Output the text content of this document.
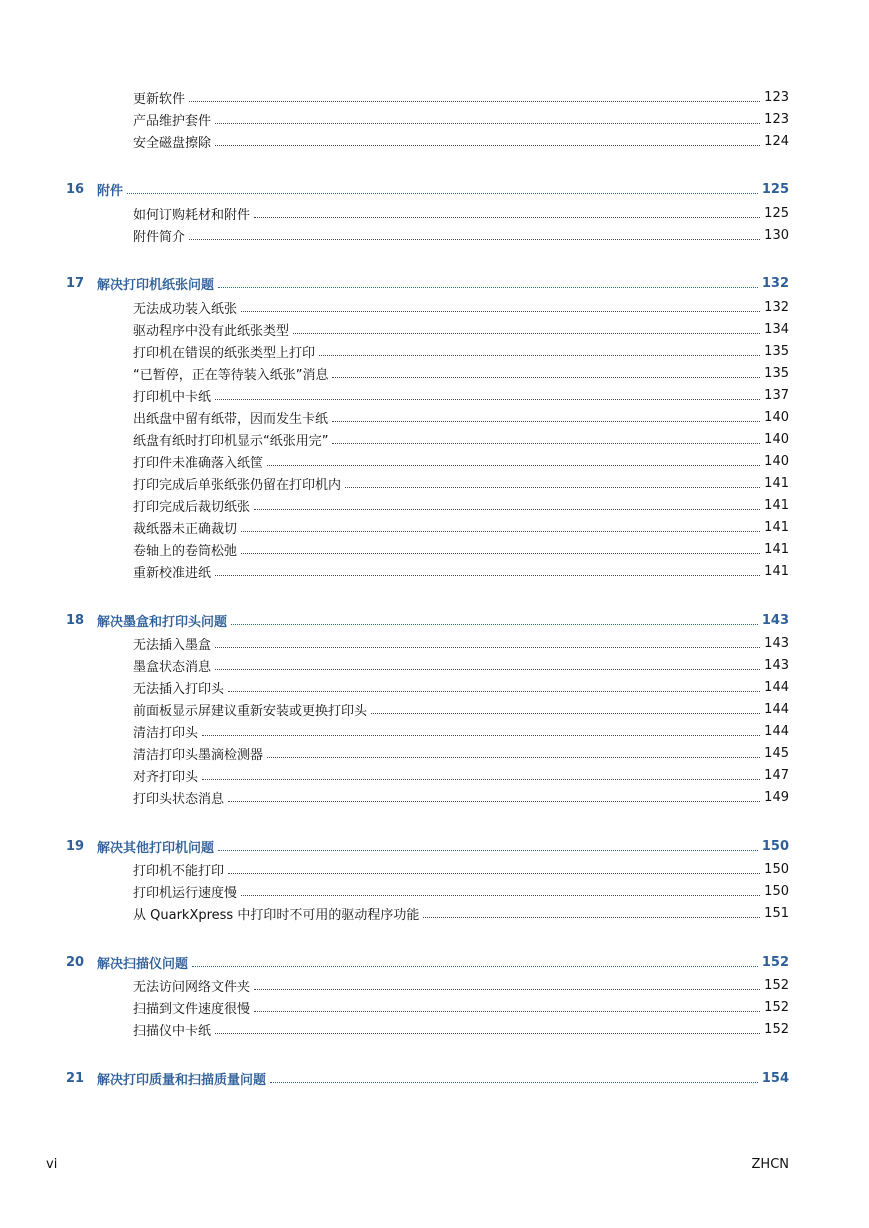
更新软件	123
产品维护套件	123
安全磁盘擦除	124
16 附件	125
如何订购耗材和附件	125
附件简介	130
17 解决打印机纸张问题	132
无法成功装入纸张	132
驱动程序中没有此纸张类型	134
打印机在错误的纸张类型上打印	135
“已暂停，正在等待装入纸张”消息	135
打印机中卡纸	137
出纸盘中留有纸带，因而发生卡纸	140
纸盘有纸时打印机显示“纸张用完”	140
打印件未准确落入纸筐	140
打印完成后单张纸张仍留在打印机内	141
打印完成后裁切纸张	141
裁纸器未正确裁切	141
卷轴上的卷筒松弛	141
重新校准进纸	141
18 解决墨盒和打印头问题	143
无法插入墨盒	143
墨盒状态消息	143
无法插入打印头	144
前面板显示屏建议重新安装或更换打印头	144
清洁打印头	144
清洁打印头墨滴检测器	145
对齐打印头	147
打印头状态消息	149
19 解决其他打印机问题	150
打印机不能打印	150
打印机运行速度慢	150
从 QuarkXpress 中打印时不可用的驱动程序功能	151
20 解决扫描仪问题	152
无法访问网络文件夹	152
扫描到文件速度很慢	152
扫描仪中卡纸	152
21 解决打印质量和扫描质量问题	154
vi	ZHCN
